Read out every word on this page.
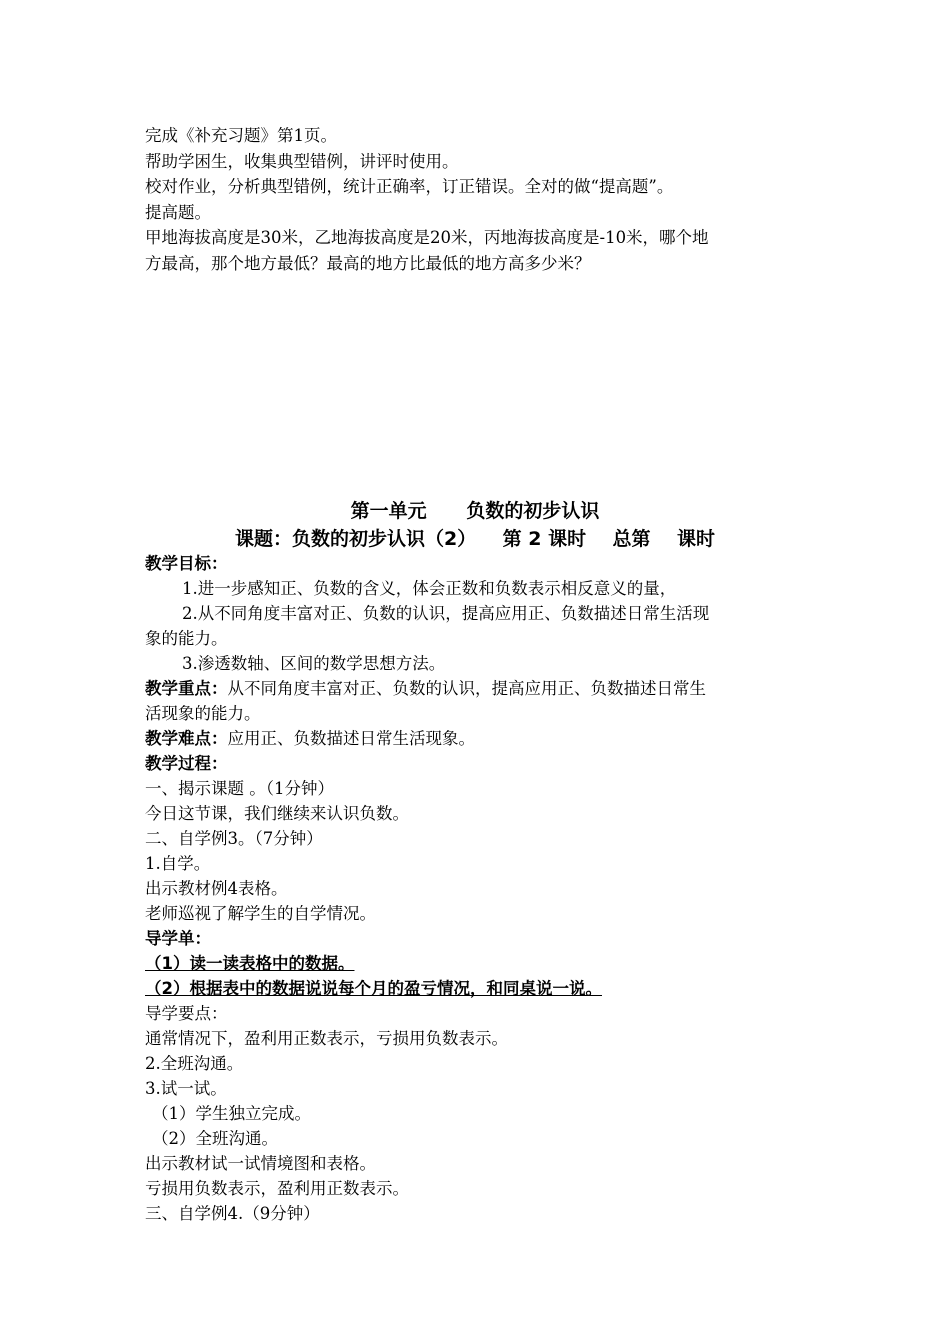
完成《补充习题》第1页。
帮助学困生，收集典型错例，讲评时使用。
校对作业，分析典型错例，统计正确率，订正错误。全对的做“提高题”。
提高题。
甲地海拔高度是30米，乙地海拔高度是20米，丙地海拔高度是-10米，哪个地
方最高，那个地方最低？最高的地方比最低的地方高多少米？
第一单元      负数的初步认识
课题：负数的初步认识（2）    第 2 课时    总第    课时
教学目标：
1.进一步感知正、负数的含义，体会正数和负数表示相反意义的量，
2.从不同角度丰富对正、负数的认识，提高应用正、负数描述日常生活现
象的能力。
3.渗透数轴、区间的数学思想方法。
教学重点：从不同角度丰富对正、负数的认识，提高应用正、负数描述日常生
活现象的能力。
教学难点：应用正、负数描述日常生活现象。
教学过程：
一、揭示课题 。（1分钟）
今日这节课，我们继续来认识负数。
二、自学例3。（7分钟）
1.自学。
出示教材例4表格。
老师巡视了解学生的自学情况。
导学单：
（1）读一读表格中的数据。
（2）根据表中的数据说说每个月的盈亏情况，和同桌说一说。
导学要点：
通常情况下，盈利用正数表示，亏损用负数表示。
2.全班沟通。
3.试一试。
（1）学生独立完成。
（2）全班沟通。
出示教材试一试情境图和表格。
亏损用负数表示，盈利用正数表示。
三、自学例4.（9分钟）
